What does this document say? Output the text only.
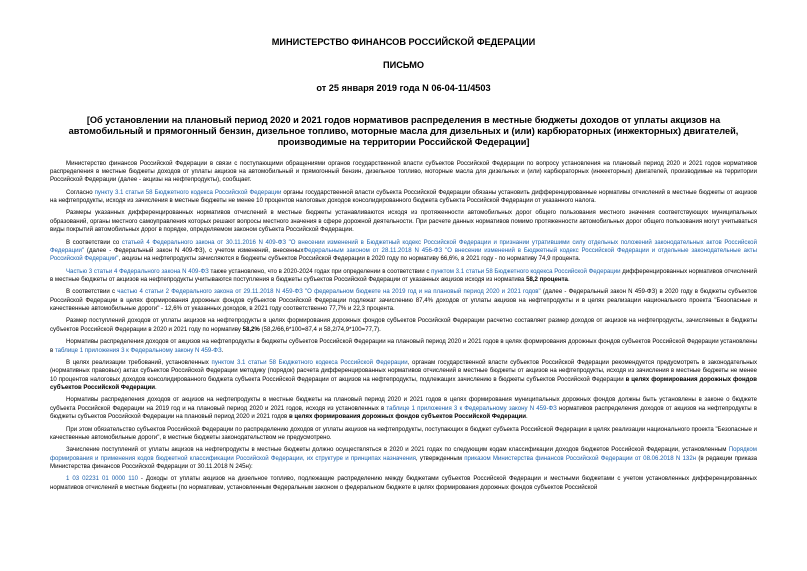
МИНИСТЕРСТВО ФИНАНСОВ РОССИЙСКОЙ ФЕДЕРАЦИИ
ПИСЬМО
от 25 января 2019 года N 06-04-11/4503
[Об установлении на плановый период 2020 и 2021 годов нормативов распределения в местные бюджеты доходов от уплаты акцизов на автомобильный и прямогонный бензин, дизельное топливо, моторные масла для дизельных и (или) карбюраторных (инжекторных) двигателей, производимые на территории Российской Федерации]

Министерство финансов Российской Федерации в связи с поступающими обращениями органов государственной власти субъектов Российской Федерации по вопросу установления на плановый период 2020 и 2021 годов нормативов распределения в местные бюджеты доходов от уплаты акцизов на автомобильный и прямогонный бензин, дизельное топливо, моторные масла для дизельных и (или) карбюраторных (инжекторных) двигателей, производимые на территории Российской Федерации (далее - акцизы на нефтепродукты), сообщает.

Согласно пункту 3.1 статьи 58 Бюджетного кодекса Российской Федерации органы государственной власти субъекта Российской Федерации обязаны установить дифференцированные нормативы отчислений в местные бюджеты от акцизов на нефтепродукты, исходя из зачисления в местные бюджеты не менее 10 процентов налоговых доходов консолидированного бюджета субъекта Российской Федерации от указанного налога.

Размеры указанных дифференцированных нормативов отчислений в местные бюджеты устанавливаются исходя из протяженности автомобильных дорог общего пользования местного значения соответствующих муниципальных образований, органы местного самоуправления которых решают вопросы местного значения в сфере дорожной деятельности. При расчете данных нормативов помимо протяженности автомобильных дорог общего пользования могут учитываться виды покрытий автомобильных дорог в порядке, определяемом законом субъекта Российской Федерации.

В соответствии со статьей 4 Федерального закона от 30.11.2016 N 409-ФЗ "О внесении изменений в Бюджетный кодекс Российской Федерации и признании утратившими силу отдельных положений законодательных актов Российской Федерации" (далее - Федеральный закон N 409-ФЗ), с учетом изменений, внесенныхФедеральным законом от 28.11.2018 N 456-ФЗ "О внесении изменений в Бюджетный кодекс Российской Федерации и отдельные законодательные акты Российской Федерации", акцизы на нефтепродукты зачисляются в бюджеты субъектов Российской Федерации в 2020 году по нормативу 66,6%, в 2021 году - по нормативу 74,9 процента.

Частью 3 статьи 4 Федерального закона N 409-ФЗ также установлено, что в 2020-2024 годах при определении в соответствии с пунктом 3.1 статьи 58 Бюджетного кодекса Российской Федерации дифференцированных нормативов отчислений в местные бюджеты от акцизов на нефтепродукты учитываются поступления в бюджеты субъектов Российской Федерации от указанных акцизов исходя из норматива 58,2 процента.

В соответствии с частью 4 статьи 2 Федерального закона от 29.11.2018 N 459-ФЗ "О федеральном бюджете на 2019 год и на плановый период 2020 и 2021 годов" (далее - Федеральный закон N 459-ФЗ) в 2020 году в бюджеты субъектов Российской Федерации в целях формирования дорожных фондов субъектов Российской Федерации подлежат зачислению 87,4% доходов от уплаты акцизов на нефтепродукты и в целях реализации национального проекта "Безопасные и качественные автомобильные дороги" - 12,6% от указанных доходов, в 2021 году соответственно 77,7% и 22,3 процента.

Размер поступлений доходов от уплаты акцизов на нефтепродукты в целях формирования дорожных фондов субъектов Российской Федерации расчетно составляет размер доходов от акцизов на нефтепродукты, зачисляемых в бюджеты субъектов Российской Федерации в 2020 и 2021 году по нормативу 58,2% (58,2/66,6*100=87,4 и 58,2/74,9*100=77,7).

Нормативы распределения доходов от акцизов на нефтепродукты в бюджеты субъектов Российской Федерации на плановый период 2020 и 2021 годов в целях формирования дорожных фондов субъектов Российской Федерации установлены в таблице 1 приложения 3 к Федеральному закону N 459-ФЗ.

В целях реализации требований, установленных пунктом 3.1 статьи 58 Бюджетного кодекса Российской Федерации, органам государственной власти субъектов Российской Федерации рекомендуется предусмотреть в законодательных (нормативных правовых) актах субъектов Российской Федерации методику (порядок) расчета дифференцированных нормативов отчислений в местные бюджеты от акцизов на нефтепродукты, исходя из зачисления в местные бюджеты не менее 10 процентов налоговых доходов консолидированного бюджета субъекта Российской Федерации от акцизов на нефтепродукты, подлежащих зачислению в бюджеты субъектов Российской Федерации в целях формирования дорожных фондов субъектов Российской Федерации.

Нормативы распределения доходов от акцизов на нефтепродукты в местные бюджеты на плановый период 2020 и 2021 годов в целях формирования муниципальных дорожных фондов должны быть установлены в законе о бюджете субъекта Российской Федерации на 2019 год и на плановый период 2020 и 2021 годов, исходя из установленных в таблице 1 приложения 3 к Федеральному закону N 459-ФЗ нормативов распределения доходов от акцизов на нефтепродукты в бюджеты субъектов Российской Федерации на плановый период 2020 и 2021 годов в целях формирования дорожных фондов субъектов Российской Федерации.

При этом обязательство субъектов Российской Федерации по распределению доходов от уплаты акцизов на нефтепродукты, поступающих в бюджет субъекта Российской Федерации в целях реализации национального проекта "Безопасные и качественные автомобильные дороги", в местные бюджеты законодательством не предусмотрено.

Зачисление поступлений от уплаты акцизов на нефтепродукты в местные бюджеты должно осуществляться в 2020 и 2021 годах по следующим кодам классификации доходов бюджетов Российской Федерации, установленным Порядком формирования и применения кодов бюджетной классификации Российской Федерации, их структуре и принципах назначения, утвержденным приказом Министерства финансов Российской Федерации от 08.06.2018 N 132н (в редакции приказа Министерства финансов Российской Федерации от 30.11.2018 N 245н):

1 03 02231 01 0000 110 - Доходы от уплаты акцизов на дизельное топливо, подлежащие распределению между бюджетами субъектов Российской Федерации и местными бюджетами с учетом установленных дифференцированных нормативов отчислений в местные бюджеты (по нормативам, установленным Федеральным законом о федеральном бюджете в целях формирования дорожных фондов субъектов Российской
